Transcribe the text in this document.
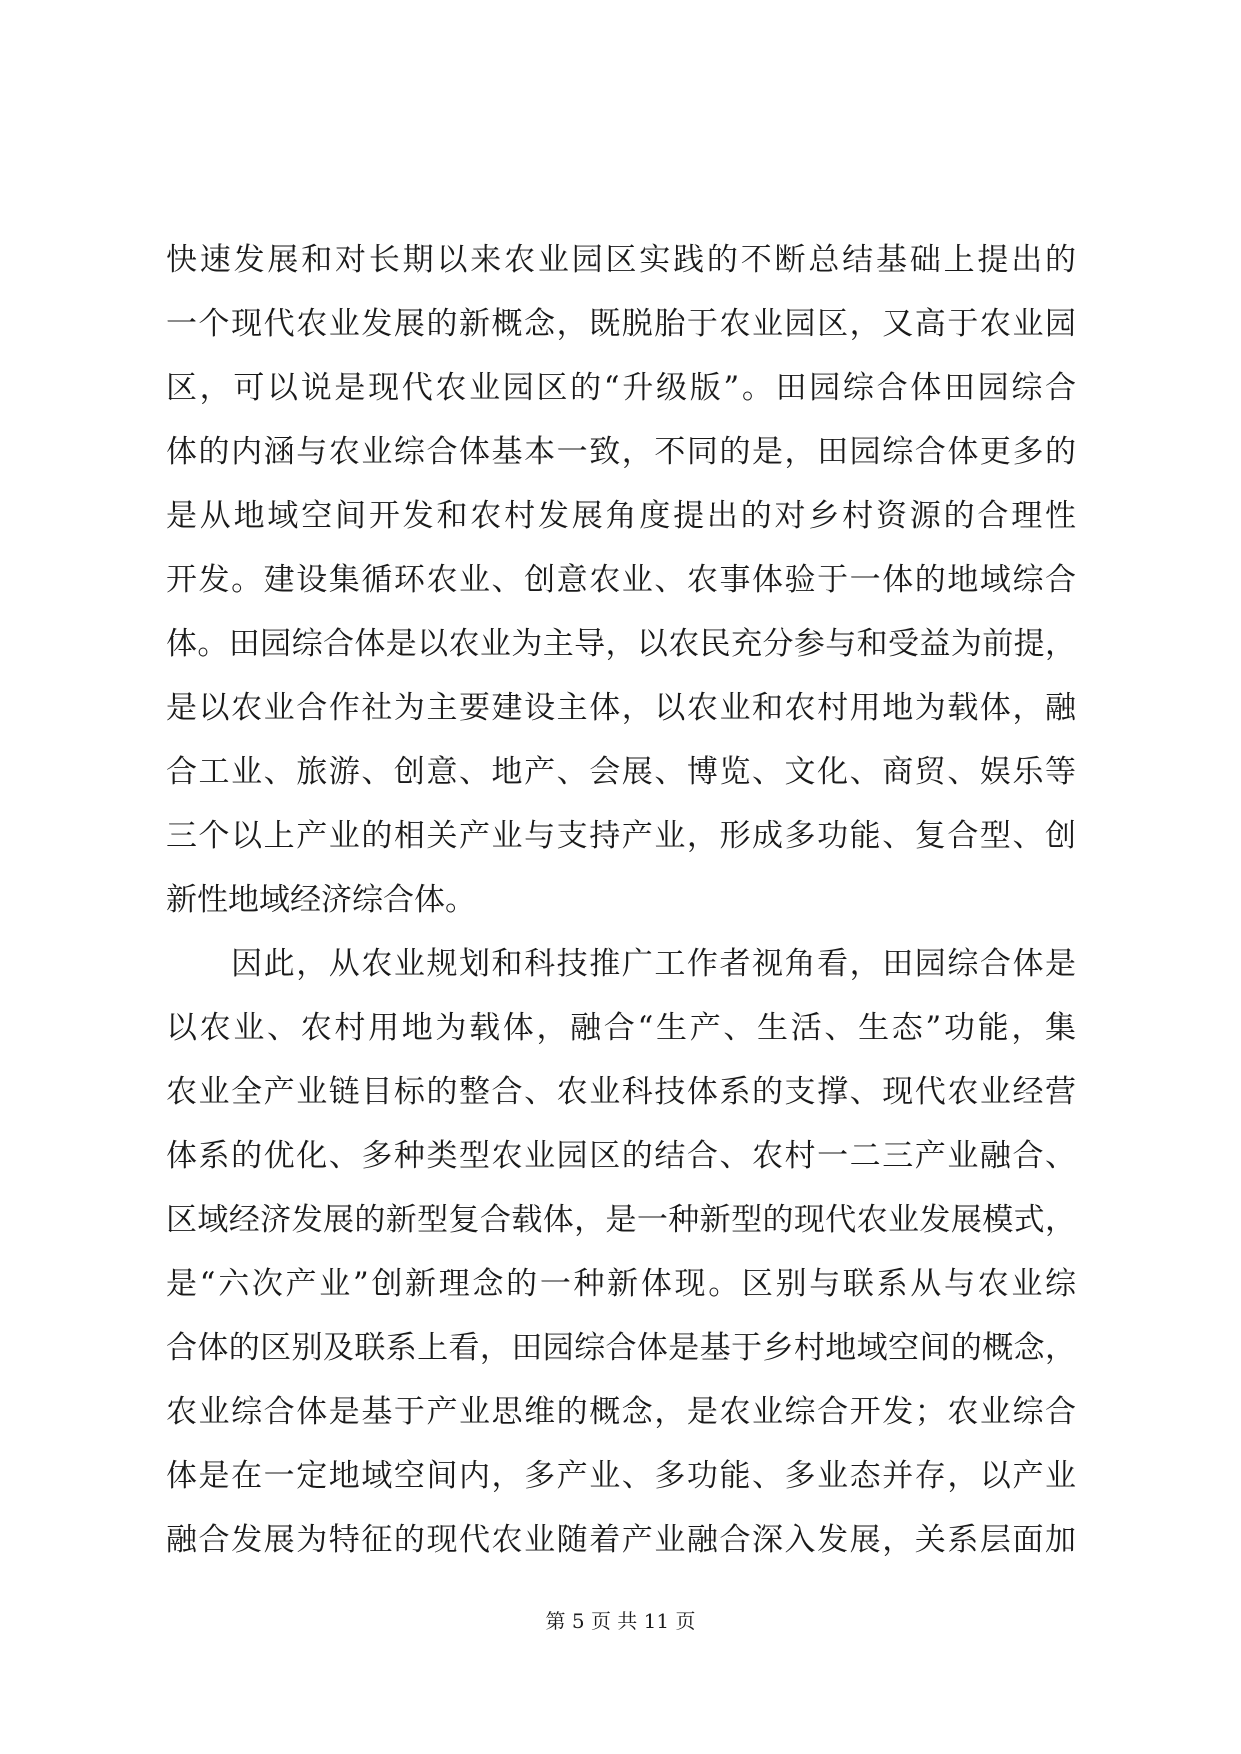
快速发展和对长期以来农业园区实践的不断总结基础上提出的
一个现代农业发展的新概念，既脱胎于农业园区，又高于农业园
区，可以说是现代农业园区的“升级版”。田园综合体田园综合
体的内涵与农业综合体基本一致，不同的是，田园综合体更多的
是从地域空间开发和农村发展角度提出的对乡村资源的合理性
开发。建设集循环农业、创意农业、农事体验于一体的地域综合
体。田园综合体是以农业为主导，以农民充分参与和受益为前提，
是以农业合作社为主要建设主体，以农业和农村用地为载体，融
合工业、旅游、创意、地产、会展、博览、文化、商贸、娱乐等
三个以上产业的相关产业与支持产业，形成多功能、复合型、创
新性地域经济综合体。
　　因此，从农业规划和科技推广工作者视角看，田园综合体是
以农业、农村用地为载体，融合“生产、生活、生态”功能，集
农业全产业链目标的整合、农业科技体系的支撑、现代农业经营
体系的优化、多种类型农业园区的结合、农村一二三产业融合、
区域经济发展的新型复合载体，是一种新型的现代农业发展模式，
是“六次产业”创新理念的一种新体现。区别与联系从与农业综
合体的区别及联系上看，田园综合体是基于乡村地域空间的概念，
农业综合体是基于产业思维的概念，是农业综合开发；农业综合
体是在一定地域空间内，多产业、多功能、多业态并存，以产业
融合发展为特征的现代农业随着产业融合深入发展，关系层面加
第 5 页 共 11 页
